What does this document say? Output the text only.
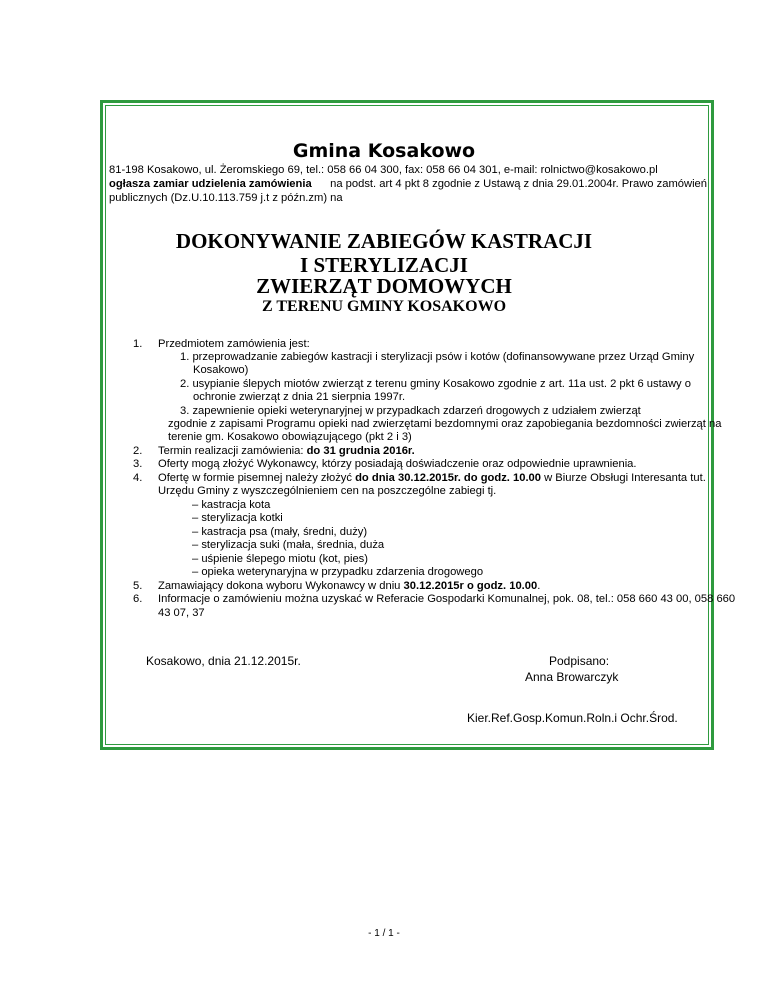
Gmina Kosakowo
81-198 Kosakowo, ul. Żeromskiego 69, tel.: 058 66 04 300, fax: 058 66 04 301, e-mail: rolnictwo@kosakowo.pl
ogłasza zamiar udzielenia zamówienia na podst. art 4 pkt 8 zgodnie z Ustawą z dnia 29.01.2004r. Prawo zamówień
publicznych (Dz.U.10.113.759 j.t z późn.zm) na
DOKONYWANIE ZABIEGÓW KASTRACJI
I STERYLIZACJI
ZWIERZĄT DOMOWYCH
Z TERENU GMINY KOSAKOWO
1. Przedmiotem zamówienia jest:
1. przeprowadzanie zabiegów kastracji i sterylizacji psów i kotów (dofinansowywane przez Urząd Gminy
Kosakowo)
2. usypianie ślepych miotów zwierząt z terenu gminy Kosakowo zgodnie z art. 11a ust. 2 pkt 6 ustawy o
ochronie zwierząt z dnia 21 sierpnia 1997r.
3. zapewnienie opieki weterynaryjnej w przypadkach zdarzeń drogowych z udziałem zwierząt
zgodnie z zapisami Programu opieki nad zwierzętami bezdomnymi oraz zapobiegania bezdomności zwierząt na
terenie gm. Kosakowo obowiązującego (pkt 2 i 3)
2. Termin realizacji zamówienia: do 31 grudnia 2016r.
3. Oferty mogą złożyć Wykonawcy, którzy posiadają doświadczenie oraz odpowiednie uprawnienia.
4. Ofertę w formie pisemnej należy złożyć do dnia 30.12.2015r. do godz. 10.00 w Biurze Obsługi Interesanta tut.
Urzędu Gminy z wyszczególnieniem cen na poszczególne zabiegi tj.
– kastracja kota
– sterylizacja kotki
– kastracja psa (mały, średni, duży)
– sterylizacja suki (mała, średnia, duża
– uśpienie ślepego miotu (kot, pies)
– opieka weterynaryjna w przypadku zdarzenia drogowego
5. Zamawiający dokona wyboru Wykonawcy w dniu 30.12.2015r o godz. 10.00.
6. Informacje o zamówieniu można uzyskać w Referacie Gospodarki Komunalnej, pok. 08, tel.: 058 660 43 00, 058 660
43 07, 37
Kosakowo, dnia 21.12.2015r.	Podpisano:
Anna Browarczyk
Kier.Ref.Gosp.Komun.Roln.i Ochr.Środ.
- 1 / 1 -
